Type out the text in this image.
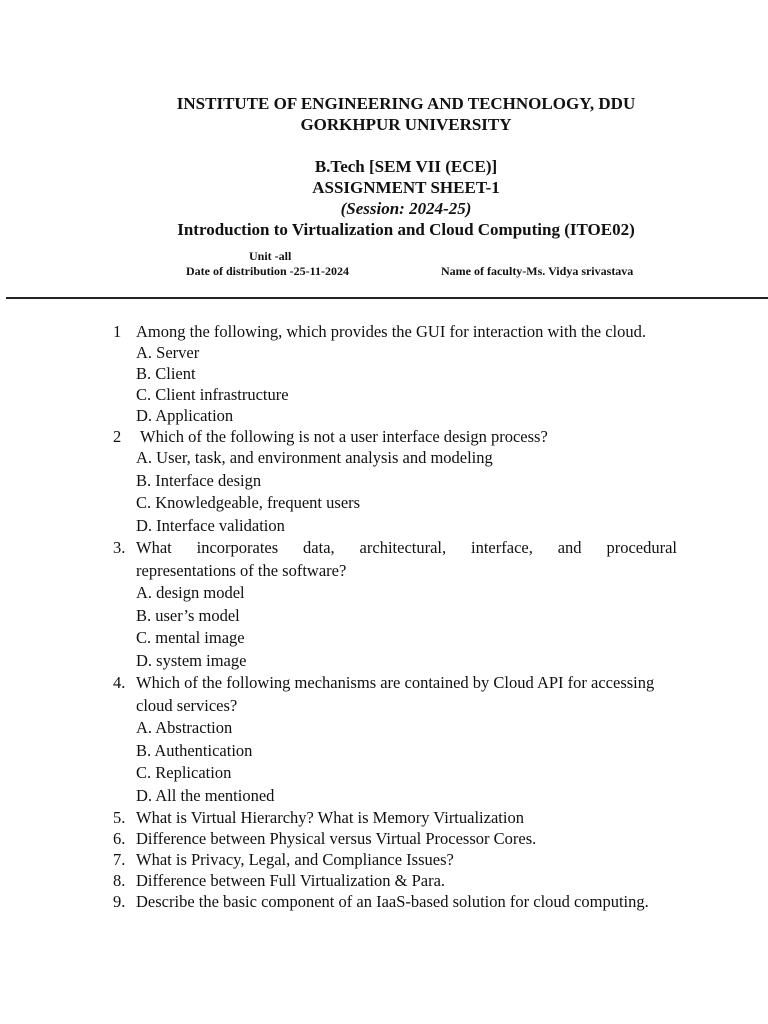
INSTITUTE OF ENGINEERING AND TECHNOLOGY, DDU
GORKHPUR UNIVERSITY
B.Tech [SEM VII (ECE)]
ASSIGNMENT SHEET-1
(Session: 2024-25)
Introduction to Virtualization and Cloud Computing (ITOE02)
Unit -all
Date of distribution -25-11-2024	Name of faculty-Ms. Vidya srivastava
1 Among the following, which provides the GUI for interaction with the cloud.
A. Server
B. Client
C. Client infrastructure
D. Application
2 Which of the following is not a user interface design process?
A. User, task, and environment analysis and modeling
B. Interface design
C. Knowledgeable, frequent users
D. Interface validation
3. What incorporates data, architectural, interface, and procedural
representations of the software?
A. design model
B. user’s model
C. mental image
D. system image
4. Which of the following mechanisms are contained by Cloud API for accessing
cloud services?
A. Abstraction
B. Authentication
C. Replication
D. All the mentioned
5. What is Virtual Hierarchy? What is Memory Virtualization
6. Difference between Physical versus Virtual Processor Cores.
7. What is Privacy, Legal, and Compliance Issues?
8. Difference between Full Virtualization & Para.
9. Describe the basic component of an IaaS-based solution for cloud computing.
